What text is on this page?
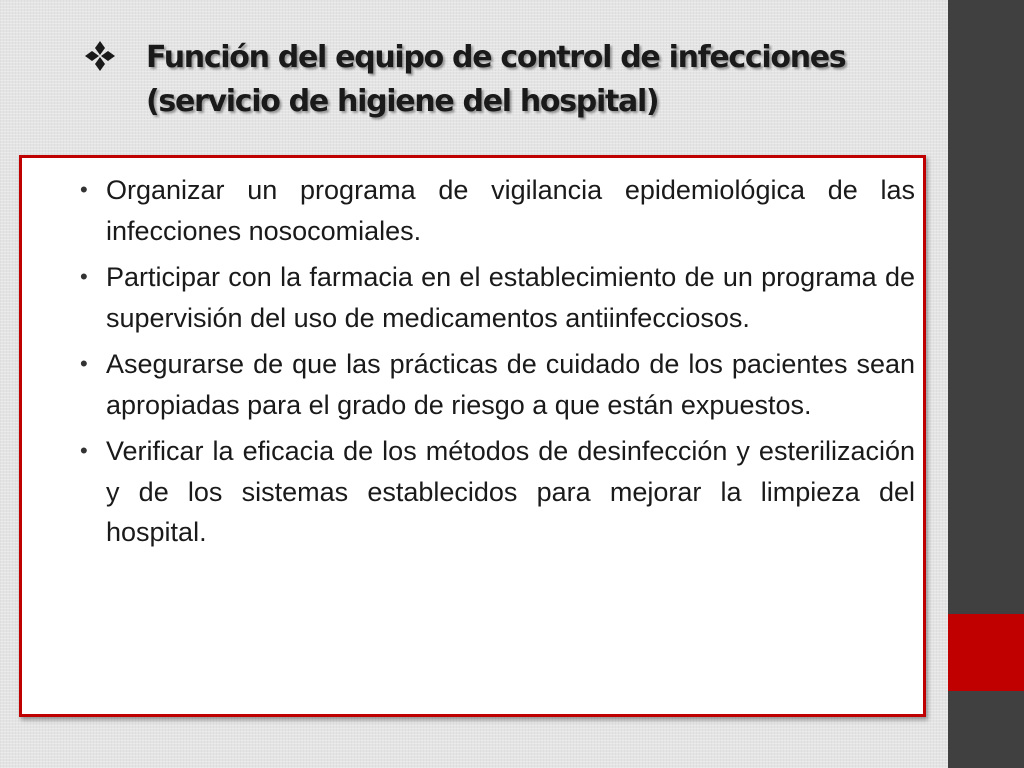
Función del equipo de control de infecciones (servicio de higiene del hospital)
• Organizar un programa de vigilancia epidemiológica de las infecciones nosocomiales.
• Participar con la farmacia en el establecimiento de un programa de supervisión del uso de medicamentos antiinfecciosos.
• Asegurarse de que las prácticas de cuidado de los pacientes sean apropiadas para el grado de riesgo a que están expuestos.
• Verificar la eficacia de los métodos de desinfección y esterilización y de los sistemas establecidos para mejorar la limpieza del hospital.
